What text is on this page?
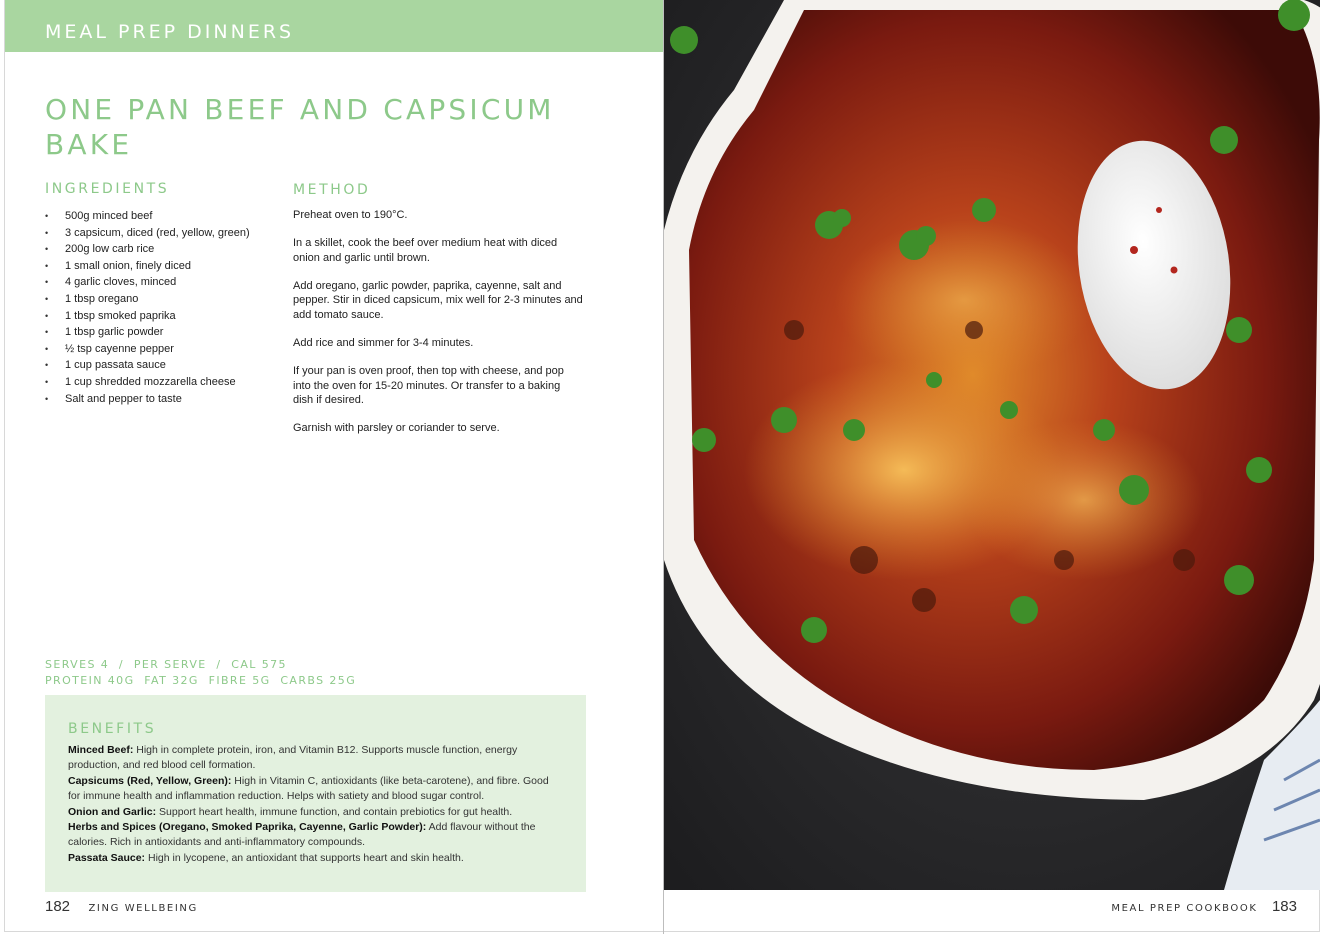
MEAL PREP DINNERS
ONE PAN BEEF AND CAPSICUM BAKE
INGREDIENTS
• 500g minced beef
• 3 capsicum, diced (red, yellow, green)
• 200g low carb rice
• 1 small onion, finely diced
• 4 garlic cloves, minced
• 1 tbsp oregano
• 1 tbsp smoked paprika
• 1 tbsp garlic powder
• ½ tsp cayenne pepper
• 1 cup passata sauce
• 1 cup shredded mozzarella cheese
• Salt and pepper to taste
METHOD

Preheat oven to 190°C.

In a skillet, cook the beef over medium heat with diced onion and garlic until brown.

Add oregano, garlic powder, paprika, cayenne, salt and pepper. Stir in diced capsicum, mix well for 2-3 minutes and add tomato sauce.

Add rice and simmer for 3-4 minutes.

If your pan is oven proof, then top with cheese, and pop into the oven for 15-20 minutes. Or transfer to a baking dish if desired.

Garnish with parsley or coriander to serve.

SERVES 4  /  PER SERVE  /  CAL 575
PROTEIN 40G  FAT 32G  FIBRE 5G  CARBS 25G
BENEFITS
Minced Beef: High in complete protein, iron, and Vitamin B12. Supports muscle function, energy production, and red blood cell formation.
Capsicums (Red, Yellow, Green): High in Vitamin C, antioxidants (like beta-carotene), and fibre. Good for immune health and inflammation reduction. Helps with satiety and blood sugar control.
Onion and Garlic: Support heart health, immune function, and contain prebiotics for gut health.
Herbs and Spices (Oregano, Smoked Paprika, Cayenne, Garlic Powder): Add flavour without the calories. Rich in antioxidants and anti-inflammatory compounds.
Passata Sauce: High in lycopene, an antioxidant that supports heart and skin health.
182 ZING WELLBEING	MEAL PREP COOKBOOK 183
